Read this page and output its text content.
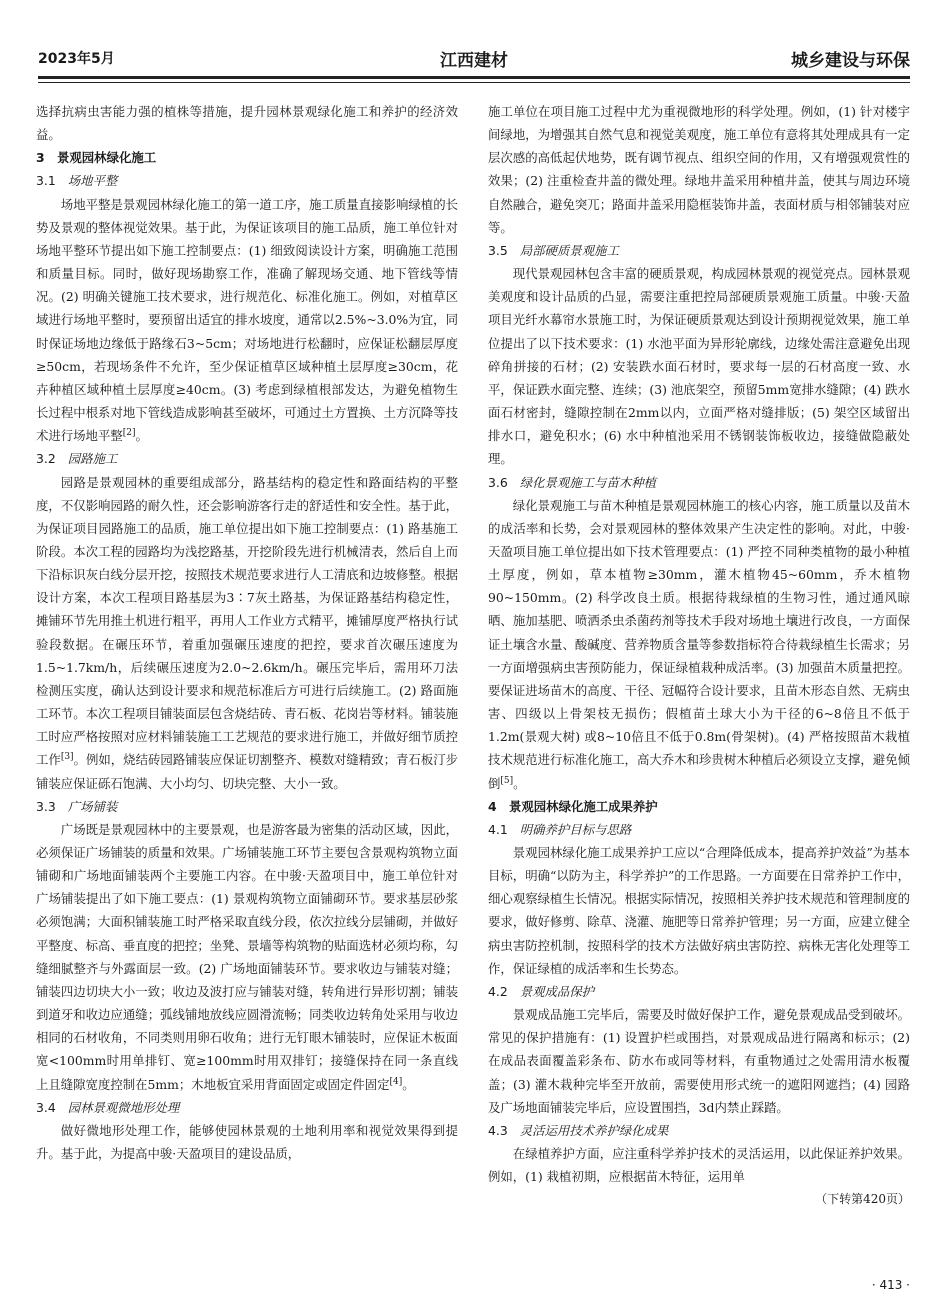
2023年5月	江西建材	城乡建设与环保

选择抗病虫害能力强的植株等措施，提升园林景观绿化施工和养护的经济效益。

3　景观园林绿化施工

3.1 场地平整

场地平整是景观园林绿化施工的第一道工序，施工质量直接影响绿植的长势及景观的整体视觉效果。基于此，为保证该项目的施工品质，施工单位针对场地平整环节提出如下施工控制要点：(1) 细致阅读设计方案，明确施工范围和质量目标。同时，做好现场勘察工作，准确了解现场交通、地下管线等情况。(2) 明确关键施工技术要求，进行规范化、标准化施工。例如，对植草区域进行场地平整时，要预留出适宜的排水坡度，通常以2.5%~3.0%为宜，同时保证场地边缘低于路缘石3~5cm；对场地进行松翻时，应保证松翻层厚度≥50cm，若现场条件不允许，至少保证植草区域种植土层厚度≥30cm，花卉种植区域种植土层厚度≥40cm。(3) 考虑到绿植根部发达，为避免植物生长过程中根系对地下管线造成影响甚至破坏，可通过土方置换、土方沉降等技术进行场地平整[2]。

3.2 园路施工

园路是景观园林的重要组成部分，路基结构的稳定性和路面结构的平整度，不仅影响园路的耐久性，还会影响游客行走的舒适性和安全性。基于此，为保证项目园路施工的品质，施工单位提出如下施工控制要点：(1) 路基施工阶段。本次工程的园路均为浅挖路基，开挖阶段先进行机械清表，然后自上而下沿标识灰白线分层开挖，按照技术规范要求进行人工清底和边坡修整。根据设计方案，本次工程项目路基层为3∶7灰土路基，为保证路基结构稳定性，摊铺环节先用推土机进行粗平，再用人工作业方式精平，摊铺厚度严格执行试验段数据。在碾压环节，着重加强碾压速度的把控，要求首次碾压速度为1.5~1.7km/h，后续碾压速度为2.0~2.6km/h。碾压完毕后，需用环刀法检测压实度，确认达到设计要求和规范标准后方可进行后续施工。(2) 路面施工环节。本次工程项目铺装面层包含烧结砖、青石板、花岗岩等材料。铺装施工时应严格按照对应材料铺装施工工艺规范的要求进行施工，并做好细节质控工作[3]。例如，烧结砖园路铺装应保证切割整齐、模数对缝精致；青石板汀步铺装应保证砾石饱满、大小均匀、切块完整、大小一致。

3.3 广场铺装

广场既是景观园林中的主要景观，也是游客最为密集的活动区域，因此，必须保证广场铺装的质量和效果。广场铺装施工环节主要包含景观构筑物立面铺砌和广场地面铺装两个主要施工内容。在中骏·天盈项目中，施工单位针对广场铺装提出了如下施工要点：(1) 景观构筑物立面铺砌环节。要求基层砂浆必须饱满；大面积铺装施工时严格采取直线分段，依次拉线分层铺砌，并做好平整度、标高、垂直度的把控；坐凳、景墙等构筑物的贴面选材必须均称，勾缝细腻整齐与外露面层一致。(2) 广场地面铺装环节。要求收边与铺装对缝；铺装四边切块大小一致；收边及波打应与铺装对缝，转角进行异形切割；铺装到道牙和收边应通缝；弧线铺地放线应圆滑流畅；同类收边转角处采用与收边相同的石材收角，不同类则用卵石收角；进行无钉眼木铺装时，应保证木板面宽<100mm时用单排钉、宽≥100mm时用双排钉；接缝保持在同一条直线上且缝隙宽度控制在5mm；木地板宜采用背面固定或固定件固定[4]。

3.4 园林景观微地形处理

做好微地形处理工作，能够使园林景观的土地利用率和视觉效果得到提升。基于此，为提高中骏·天盈项目的建设品质，

施工单位在项目施工过程中尤为重视微地形的科学处理。例如，(1) 针对楼宇间绿地，为增强其自然气息和视觉美观度，施工单位有意将其处理成具有一定层次感的高低起伏地势，既有调节视点、组织空间的作用，又有增强观赏性的效果；(2) 注重检查井盖的微处理。绿地井盖采用种植井盖，使其与周边环境自然融合，避免突兀；路面井盖采用隐框装饰井盖，表面材质与相邻铺装对应等。

3.5 局部硬质景观施工

现代景观园林包含丰富的硬质景观，构成园林景观的视觉亮点。园林景观美观度和设计品质的凸显，需要注重把控局部硬质景观施工质量。中骏·天盈项目光纤水幕帘水景施工时，为保证硬质景观达到设计预期视觉效果，施工单位提出了以下技术要求：(1) 水池平面为异形轮廓线，边缘处需注意避免出现碎角拼接的石材；(2) 安装跌水面石材时，要求每一层的石材高度一致、水平，保证跌水面完整、连续；(3) 池底架空，预留5mm宽排水缝隙；(4) 跌水面石材密封，缝隙控制在2mm以内，立面严格对缝排版；(5) 架空区域留出排水口，避免积水；(6) 水中种植池采用不锈钢装饰板收边，接缝做隐蔽处理。

3.6 绿化景观施工与苗木种植

绿化景观施工与苗木种植是景观园林施工的核心内容，施工质量以及苗木的成活率和长势，会对景观园林的整体效果产生决定性的影响。对此，中骏·天盈项目施工单位提出如下技术管理要点：(1) 严控不同种类植物的最小种植土厚度，例如，草本植物≥30mm，灌木植物45~60mm，乔木植物90~150mm。(2) 科学改良土质。根据待栽绿植的生物习性，通过通风晾晒、施加基肥、喷洒杀虫杀菌药剂等技术手段对场地土壤进行改良，一方面保证土壤含水量、酸碱度、营养物质含量等参数指标符合待栽绿植生长需求；另一方面增强病虫害预防能力，保证绿植栽种成活率。(3) 加强苗木质量把控。要保证进场苗木的高度、干径、冠幅符合设计要求，且苗木形态自然、无病虫害、四级以上骨架枝无损伤；假植苗土球大小为干径的6~8倍且不低于1.2m(景观大树) 或8~10倍且不低于0.8m(骨架树)。(4) 严格按照苗木栽植技术规范进行标准化施工，高大乔木和珍贵树木种植后必须设立支撑，避免倾倒[5]。

4　景观园林绿化施工成果养护

4.1 明确养护目标与思路

景观园林绿化施工成果养护工应以“合理降低成本，提高养护效益”为基本目标，明确“以防为主，科学养护”的工作思路。一方面要在日常养护工作中，细心观察绿植生长情况。根据实际情况，按照相关养护技术规范和管理制度的要求，做好修剪、除草、浇灌、施肥等日常养护管理；另一方面，应建立健全病虫害防控机制，按照科学的技术方法做好病虫害防控、病株无害化处理等工作，保证绿植的成活率和生长势态。

4.2 景观成品保护

景观成品施工完毕后，需要及时做好保护工作，避免景观成品受到破坏。常见的保护措施有：(1) 设置护栏或围挡，对景观成品进行隔离和标示；(2) 在成品表面覆盖彩条布、防水布或同等材料，有重物通过之处需用清水板覆盖；(3) 灌木栽种完毕至开放前，需要使用形式统一的遮阳网遮挡；(4) 园路及广场地面铺装完毕后，应设置围挡，3d内禁止踩踏。

4.3 灵活运用技术养护绿化成果

在绿植养护方面，应注重科学养护技术的灵活运用，以此保证养护效果。例如，(1) 栽植初期，应根据苗木特征，运用单

（下转第420页）

· 413 ·
